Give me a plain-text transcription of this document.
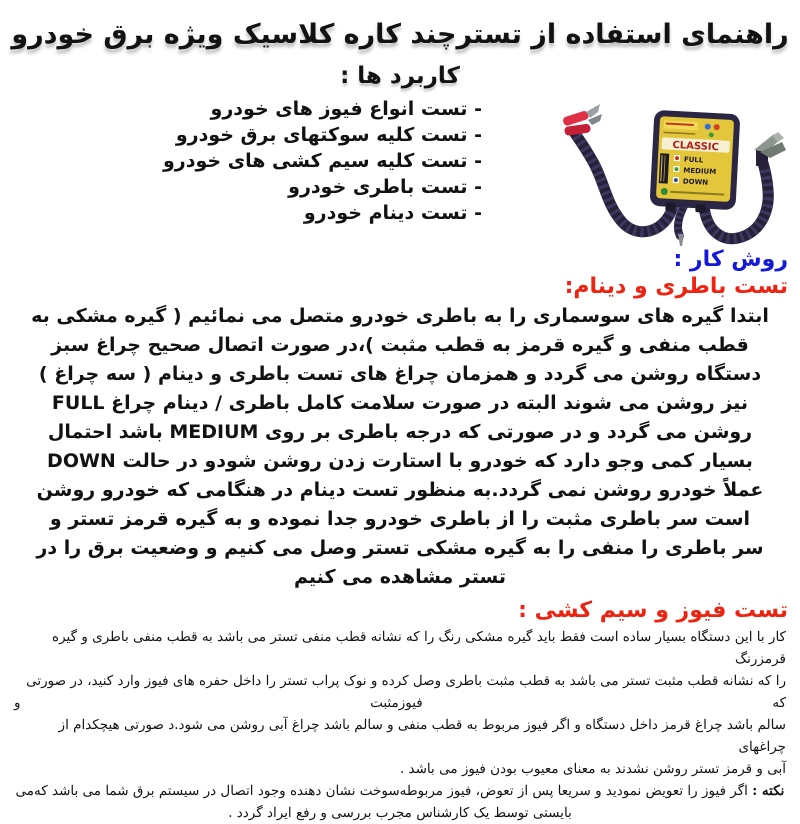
راهنمای استفاده از تسترچند کاره کلاسیک ویژه برق خودرو
کاربرد ها :
- تست انواع فیوز های خودرو
- تست کلیه سوکتهای برق خودرو
- تست کلیه سیم کشی های خودرو
- تست باطری خودرو
- تست دینام خودرو
CLASSIC
FULL
MEDIUM
DOWN
روش کار :
تست باطری و دینام:
ابتدا گیره های سوسماری را به باطری خودرو متصل می نمائیم ( گیره مشکی به
قطب منفی و گیره قرمز به قطب مثبت )،در صورت اتصال صحیح چراغ سبز
دستگاه روشن می گردد و همزمان چراغ های تست باطری و دینام ( سه چراغ )
نیز روشن می شوند البته در صورت سلامت کامل باطری / دینام چراغ FULL
روشن می گردد و در صورتی که درجه باطری بر روی MEDIUM باشد احتمال
بسیار کمی وجو دارد که خودرو با استارت زدن روشن شودو در حالت DOWN
عملاً خودرو روشن نمی گردد.به منظور تست دینام در هنگامی که خودرو روشن
است سر باطری مثبت را از باطری خودرو جدا نموده و به گیره قرمز تستر و
سر باطری را منفی را به گیره مشکی تستر وصل می کنیم و وضعیت برق را در
تستر مشاهده می کنیم
تست فیوز و سیم کشی :
کار با این دستگاه بسیار ساده است فقط باید گیره مشکی رنگ را که نشانه قطب منفی تستر می باشد به قطب منفی باطری و گیره قرمزرنگ
را که نشانه قطب مثبت تستر می باشد به قطب مثبت باطری وصل کرده و نوک پراب تستر را داخل حفره های فیوز وارد کنید، در صورتی که فیوزمثبت و
سالم باشد چراغ قرمز داخل دستگاه و اگر فیوز مربوط به قطب منفی و سالم باشد چراغ آبی روشن می شود.د صورتی هیچکدام از چراغهای
آبی و قرمز تستر روشن نشدند به معنای معیوب بودن فیوز می باشد .
نکته : اگر فیوز را تعویض نمودید و سریعا پس از تعوض، فیوز مربوطه‌سوخت نشان دهنده وجود اتصال در سیستم برق شما می باشد که‌می بایستی توسط یک کارشناس مجرب بررسی و رفع ایراد گردد .
